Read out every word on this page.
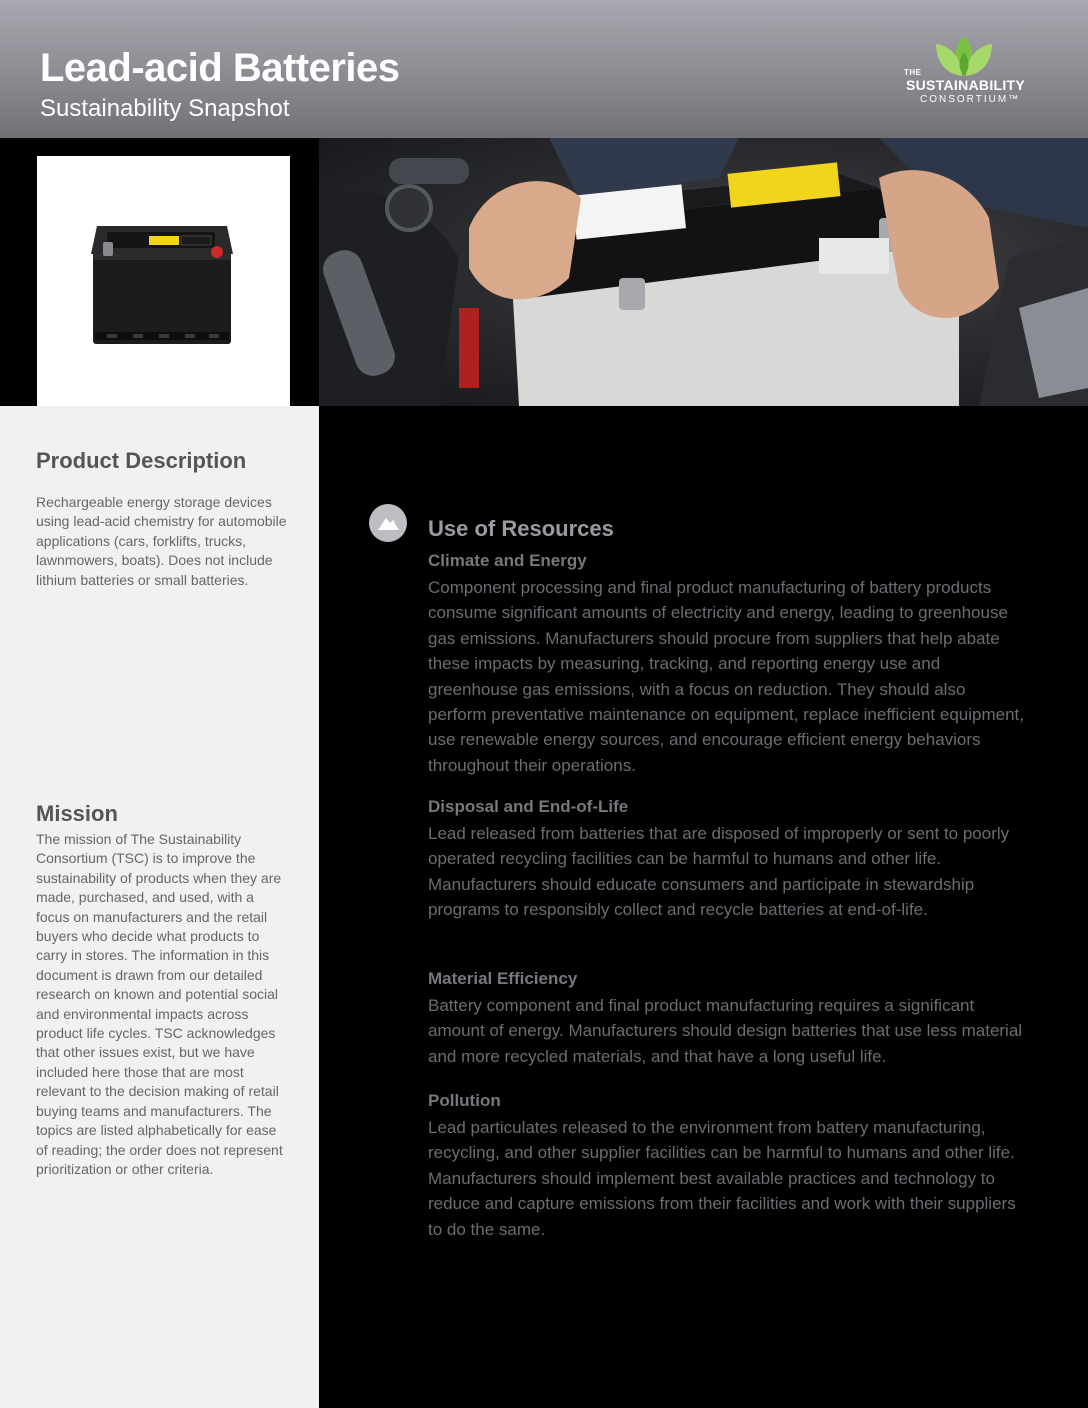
Lead-acid Batteries
Sustainability Snapshot
THE
SUSTAINABILITY
CONSORTIUM™
Product Description
Rechargeable energy storage devices using lead-acid chemistry for automobile applications (cars, forklifts, trucks, lawnmowers, boats). Does not include lithium batteries or small batteries.
Mission
The mission of The Sustainability Consortium (TSC) is to improve the sustainability of products when they are made, purchased, and used, with a focus on manufacturers and the retail buyers who decide what products to carry in stores. The information in this document is drawn from our detailed research on known and potential social and environmental impacts across product life cycles. TSC acknowledges that other issues exist, but we have included here those that are most relevant to the decision making of retail buying teams and manufacturers. The topics are listed alphabetically for ease of reading; the order does not represent prioritization or other criteria.
Use of Resources
Climate and Energy
Component processing and final product manufacturing of battery products consume significant amounts of electricity and energy, leading to greenhouse gas emissions. Manufacturers should procure from suppliers that help abate these impacts by measuring, tracking, and reporting energy use and greenhouse gas emissions, with a focus on reduction. They should also perform preventative maintenance on equipment, replace inefficient equipment, use renewable energy sources, and encourage efficient energy behaviors throughout their operations.
Disposal and End-of-Life
Lead released from batteries that are disposed of improperly or sent to poorly operated recycling facilities can be harmful to humans and other life. Manufacturers should educate consumers and participate in stewardship programs to responsibly collect and recycle batteries at end-of-life.
Material Efficiency
Battery component and final product manufacturing requires a significant amount of energy. Manufacturers should design batteries that use less material and more recycled materials, and that have a long useful life.
Pollution
Lead particulates released to the environment from battery manufacturing, recycling, and other supplier facilities can be harmful to humans and other life. Manufacturers should implement best available practices and technology to reduce and capture emissions from their facilities and work with their suppliers to do the same.
